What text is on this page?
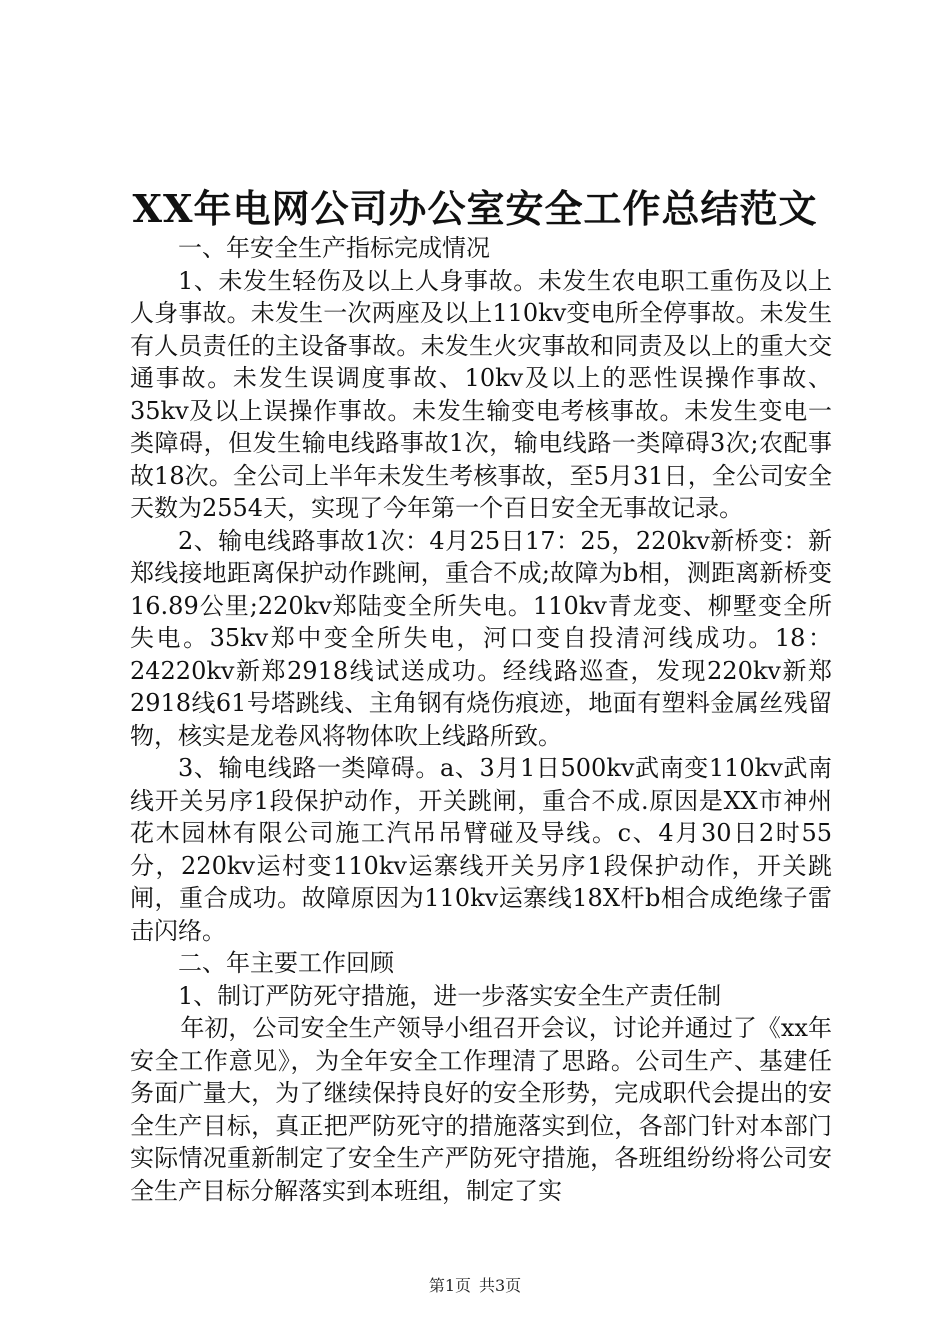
XX年电网公司办公室安全工作总结范文

一、年安全生产指标完成情况

1、未发生轻伤及以上人身事故。未发生农电职工重伤及以上人身事故。未发生一次两座及以上110kv变电所全停事故。未发生有人员责任的主设备事故。未发生火灾事故和同责及以上的重大交通事故。未发生误调度事故、10kv及以上的恶性误操作事故、35kv及以上误操作事故。未发生输变电考核事故。未发生变电一类障碍，但发生输电线路事故1次，输电线路一类障碍3次;农配事故18次。全公司上半年未发生考核事故，至5月31日，全公司安全天数为2554天，实现了今年第一个百日安全无事故记录。

2、输电线路事故1次：4月25日17：25，220kv新桥变：新郑线接地距离保护动作跳闸，重合不成;故障为b相，测距离新桥变16.89公里;220kv郑陆变全所失电。110kv青龙变、柳墅变全所失电。35kv郑中变全所失电，河口变自投清河线成功。18：24220kv新郑2918线试送成功。经线路巡查，发现220kv新郑2918线61号塔跳线、主角钢有烧伤痕迹，地面有塑料金属丝残留物，核实是龙卷风将物体吹上线路所致。

3、输电线路一类障碍。a、3月1日500kv武南变110kv武南线开关另序1段保护动作，开关跳闸，重合不成.原因是XX市神州花木园林有限公司施工汽吊吊臂碰及导线。c、4月30日2时55分，220kv运村变110kv运寨线开关另序1段保护动作，开关跳闸，重合成功。故障原因为110kv运寨线18X杆b相合成绝缘子雷击闪络。

二、年主要工作回顾

1、制订严防死守措施，进一步落实安全生产责任制

年初，公司安全生产领导小组召开会议，讨论并通过了《xx年安全工作意见》，为全年安全工作理清了思路。公司生产、基建任务面广量大，为了继续保持良好的安全形势，完成职代会提出的安全生产目标，真正把严防死守的措施落实到位，各部门针对本部门实际情况重新制定了安全生产严防死守措施，各班组纷纷将公司安全生产目标分解落实到本班组，制定了实

第1页 共3页
